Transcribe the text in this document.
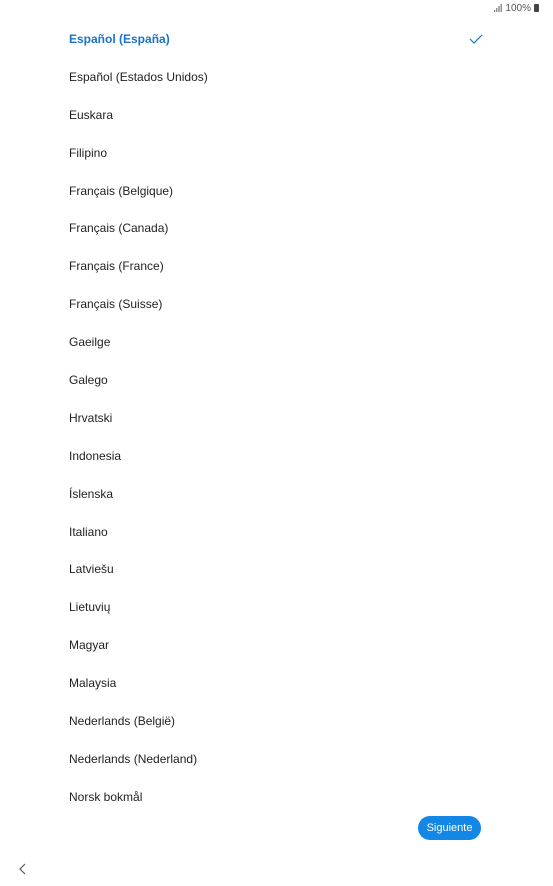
100%
Español (España)
Español (Estados Unidos)
Euskara
Filipino
Français (Belgique)
Français (Canada)
Français (France)
Français (Suisse)
Gaeilge
Galego
Hrvatski
Indonesia
Íslenska
Italiano
Latviešu
Lietuvių
Magyar
Malaysia
Nederlands (België)
Nederlands (Nederland)
Norsk bokmål
Siguiente
